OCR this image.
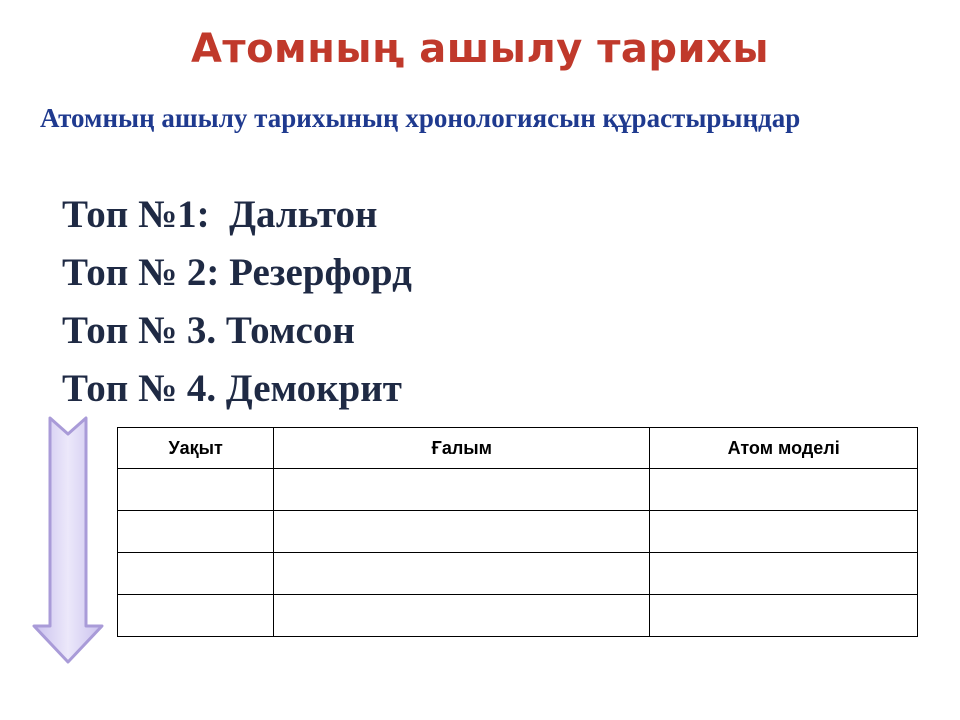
Атомның ашылу тарихы
Атомның ашылу тарихының хронологиясын құрастырыңдар
Топ №1:  Дальтон
Топ № 2: Резерфорд
Топ № 3. Томсон
Топ № 4. Демокрит
Уақыт	Ғалым	Атом моделі
